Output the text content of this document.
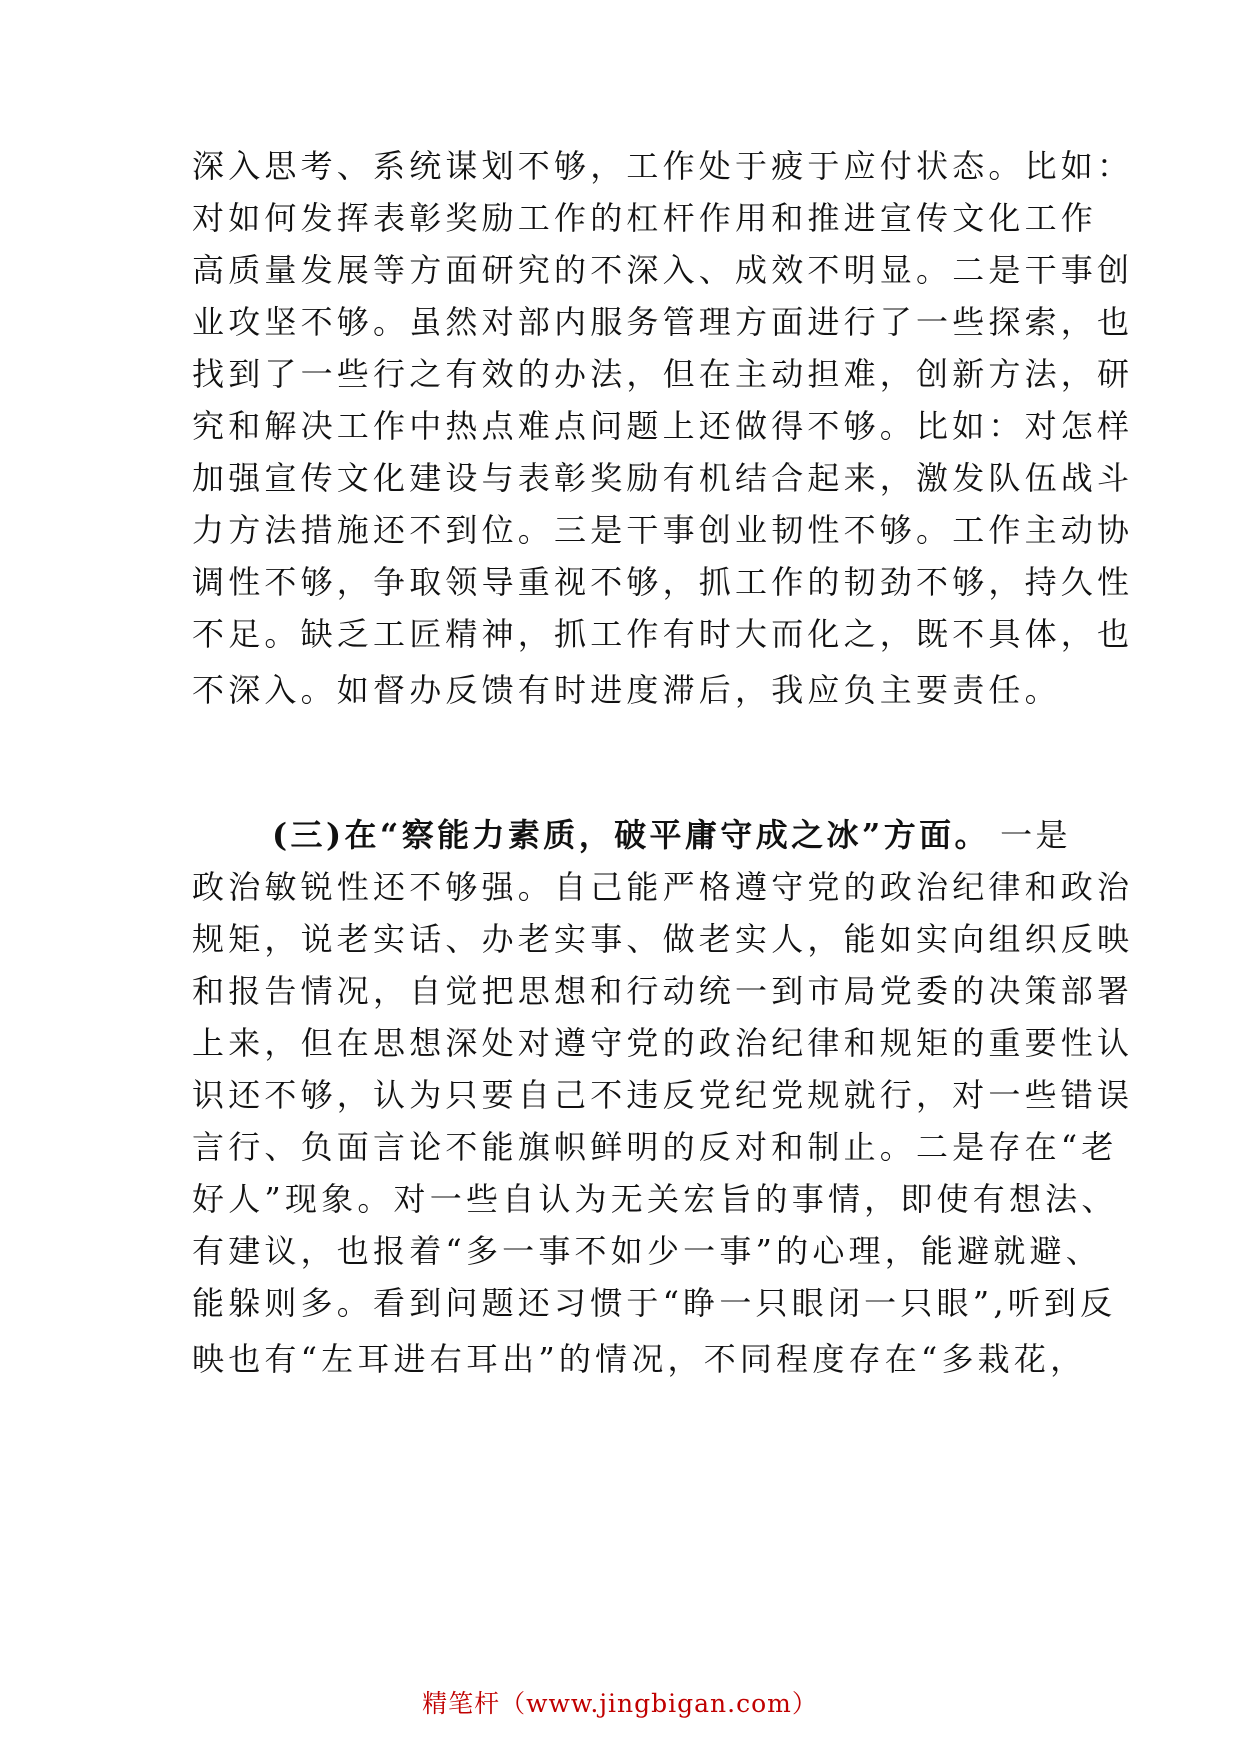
深入思考、系统谋划不够，工作处于疲于应付状态。比如：
对如何发挥表彰奖励工作的杠杆作用和推进宣传文化工作
高质量发展等方面研究的不深入、成效不明显。二是干事创
业攻坚不够。虽然对部内服务管理方面进行了一些探索，也
找到了一些行之有效的办法，但在主动担难，创新方法，研
究和解决工作中热点难点问题上还做得不够。比如：对怎样
加强宣传文化建设与表彰奖励有机结合起来，激发队伍战斗
力方法措施还不到位。三是干事创业韧性不够。工作主动协
调性不够，争取领导重视不够，抓工作的韧劲不够，持久性
不足。缺乏工匠精神，抓工作有时大而化之，既不具体，也
不深入。如督办反馈有时进度滞后，我应负主要责任。
(三)在“察能力素质，破平庸守成之冰”方面。 一是
政治敏锐性还不够强。自己能严格遵守党的政治纪律和政治
规矩，说老实话、办老实事、做老实人，能如实向组织反映
和报告情况，自觉把思想和行动统一到市局党委的决策部署
上来，但在思想深处对遵守党的政治纪律和规矩的重要性认
识还不够，认为只要自己不违反党纪党规就行，对一些错误
言行、负面言论不能旗帜鲜明的反对和制止。二是存在“老
好人”现象。对一些自认为无关宏旨的事情，即使有想法、
有建议，也报着“多一事不如少一事”的心理，能避就避、
能躲则多。看到问题还习惯于“睁一只眼闭一只眼”,听到反
映也有“左耳进右耳出”的情况，不同程度存在“多栽花，
精笔杆（www.jingbigan.com）
